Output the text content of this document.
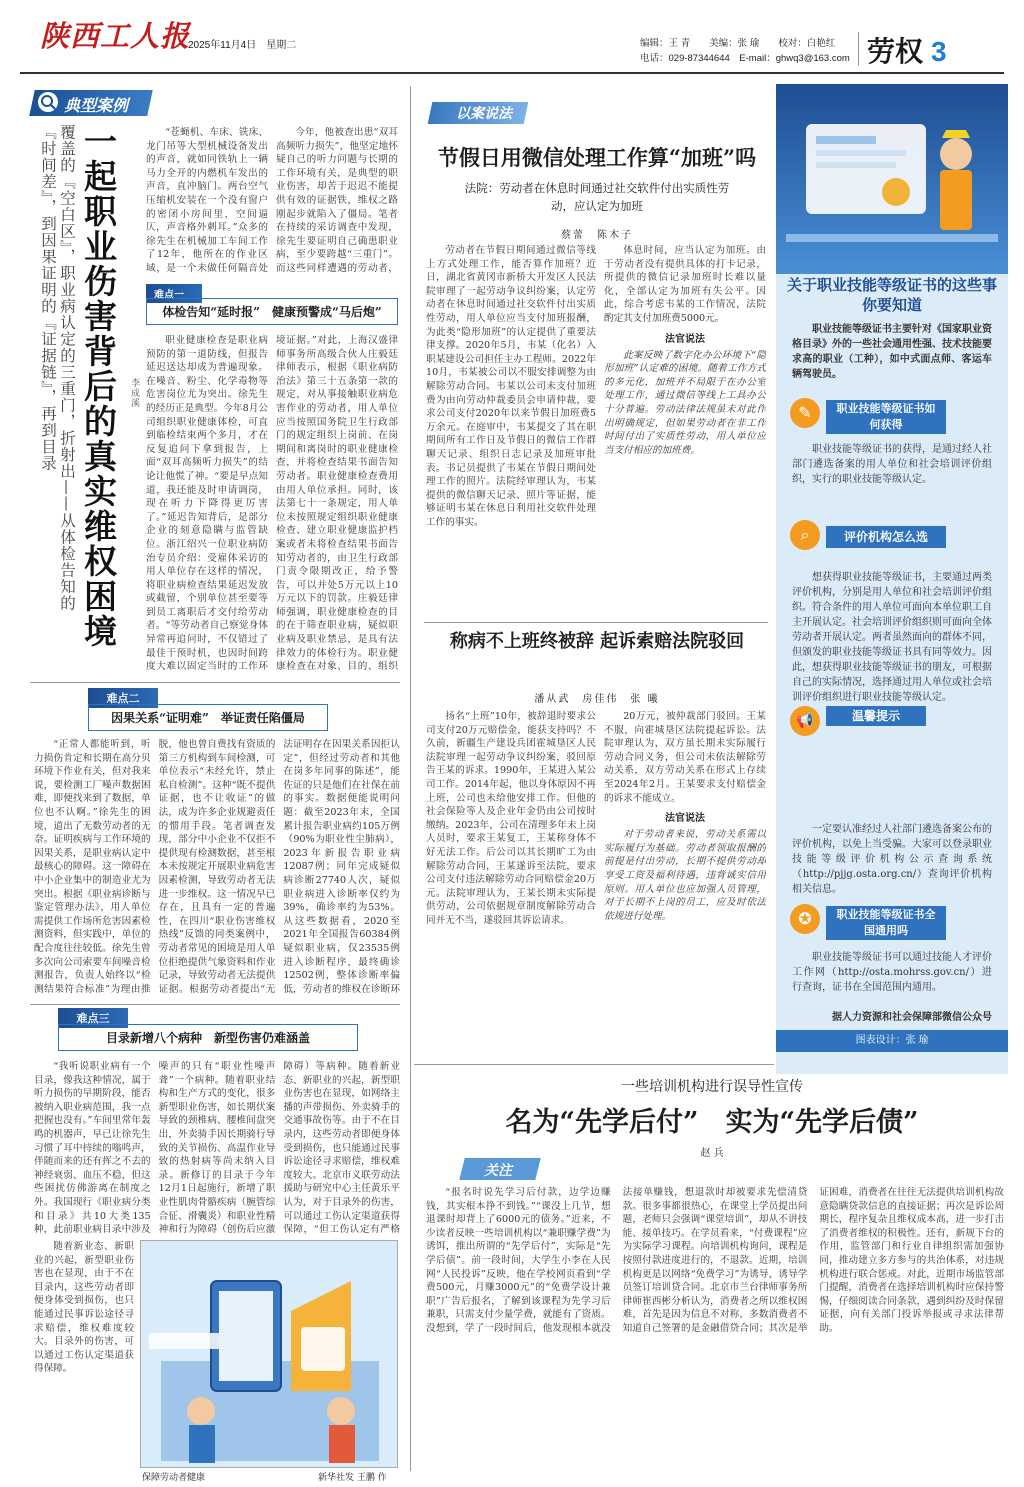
陕西工人报
2025年11月4日　星期二	编辑：王 青　　美编：张 瑜　　校对：白艳红
电话：029-87344644　E-mail：ghwq3@163.com 劳权 3
典型案例
一起职业伤害背后的真实维权困境
覆盖的『空白区』，职业病认定的三重门，折射出——从体检告知的『时间差』，到因果证明的『证据链』，再到目录	李成溪

“苍蝇机、车床、铣床、龙门吊等大型机械设备发出的声音，就如同铁轨上一辆马力全开的内燃机车发出的声音，直冲脑门。两台空气压缩机安装在一个没有窗户的密闭小房间里，空间逼仄，声音格外刺耳。”众多的徐先生在机械加工车间工作了12年，他所在的作业区域，是一个未做任何隔音处

今年，他被查出患“双耳高频听力损失”，他坚定地怀疑自己的听力问题与长期的工作环境有关，是典型的职业伤害，却苦于迟迟不能提供有效的证据铁，维权之路刚起步就陷入了僵局。笔者在持续的采访调查中发现，徐先生要证明自己确患职业病，至少要跨越“三重门”。而这些同样遭遇的劳动者，

难点一
体检告知“延时报”　健康预警成“马后炮”

职业健康检查是职业病预防的第一道防线，但报告延迟送达却成为普遍现象。在噪音、粉尘、化学毒物等危害岗位尤为突出。徐先生的经历正是典型。今年8月公司组织职业健康体检，可直到临检结束两个多月，才在反复追问下拿到报告，上面“双耳高频听力损失”的结论让他慌了神。“要是早点知道，我还能及时申请调岗，现在听力下降得更厉害了。”延迟告知背后，是部分企业的刻意隐瞒与监管缺位。浙江绍兴一位职业病防治专员介绍：受雇体采访的用人单位存在这样的情况，将职业病检查结果延迟发放或截留，个别单位甚至要等到员工离职后才交付给劳动者。“等劳动者自己察觉身体异常再追问时，不仅错过了最佳干预时机，也因时间跨度大难以固定当时的工作环境证据。”对此，上海汉盛律师事务所高级合伙人庄毅廷律师表示，根据《职业病防治法》第三十五条第一款的规定，对从事接触职业病危害作业的劳动者，用人单位应当按照国务院卫生行政部门的规定组织上岗前、在岗期间和离岗时的职业健康检查，并将检查结果书面告知劳动者。职业健康检查费用由用人单位承担。同时，该法第七十一条规定，用人单位未按照规定组织职业健康检查、建立职业健康监护档案或者未将检查结果书面告知劳动者的，由卫生行政部门责令限期改正，给予警告，可以并处5万元以上10万元以下的罚款。庄毅廷律师强调，职业健康检查的目的在于筛查职业病，疑似职业病及职业禁忌，是具有法律效力的体检行为。职业健康检查在对象、目的、组织

难点二
因果关系“证明难”　举证责任陷僵局

“正常人都能听到，听力损伤肯定和长期在高分贝环境下作业有关，但对我来说，要检测工厂噪声数据困难，即便找来到了数据，单位也不认啊。”徐先生的困境，道出了无数劳动者的无奈。证明疾病与工作环境的因果关系，是职业病认定中最核心的障碍。这一障碍在中小企业集中的制造业尤为突出。根据《职业病诊断与鉴定管理办法》，用人单位需提供工作场所危害因素检测资料，但实践中，单位的配合度往往较低。徐先生曾多次向公司索要车间噪音检测报告，负责人始终以“检测结果符合标准”为理由推脱，他也曾自费找有资质的第三方机构到车间检测，可单位表示“未经允许，禁止私自检测”。这种“既不提供证据，也不让收证”的做法，成为许多企业规避责任的惯用手段。笔者调查发现，部分中小企业不仅拒不提供现有检测数据，甚至根本未按规定开展职业病危害因素检测，导致劳动者无法进一步维权。这一情况早已存在，且具有一定的普遍性，在四川“职业伤害维权热线”反馈的同类案例中，劳动者常见的困境是用人单位拒绝提供气象资料和作业记录，导致劳动者无法提供证据。根据劳动者提出“无法证明存在因果关系因拒认定”，但经过劳动者和其他在岗多年同事的陈述”，能佐证的只是他们在社保在前的事实。数据便能说明问题：截至2023年末，全国累计报告职业病约105万例（90%为职业性尘肺病），2023年新报告职业病12087例；同年完成疑似病诊断27740人次，疑似职业病进入诊断率仅约为39%，确诊率约为53%。从这些数据看，2020至2021年全国报告60384例疑似职业病，仅23535例进入诊断程序，最终确诊12502例，整体诊断率偏低，劳动者的维权在诊断环

难点三
目录新增八个病种　新型伤害仍难涵盖

“我听说职业病有一个目录，像我这种情况，属于听力损伤的早期阶段，能否被纳入职业病范围，我一点把握也没有。”车间里常年轰鸣的机器声，早已让徐先生习惯了耳中持续的嗡鸣声，伴随而来的还有挥之不去的神经衰弱、血压不稳，但这些困扰仿佛游离在制度之外。我国现行《职业病分类和目录》共10大类135种，此前职业病目录中涉及噪声的只有“职业性噪声聋”一个病种。随着职业结构和生产方式的变化，很多新型职业伤害，如长期伏案导致的颈椎病、腰椎间盘突出，外卖骑手因长期骑行导致的关节损伤、高温作业导致的热射病等尚未纳入目录。新修订的目录于今年12月1日起施行，新增了职业性肌肉骨骼疾病（腕管综合征、滑囊炎）和职业性精神和行为障碍（创伤后应激障碍）等病种。随着新业态、新职业的兴起，新型职业伤害也在显现，如网络主播的声带损伤、外卖骑手的交通事故伤等。由于不在目录内，这些劳动者即便身体受到损伤，也只能通过民事诉讼途径寻求赔偿，维权难度较大。北京市义联劳动法援助与研究中心主任黄乐平认为，对于目录外的伤害，可以通过工伤认定渠道获得保障，“但工伤认定有严格

随着新业态、新职业的兴起，新型职业伤害也在显现，由于不在目录内，这些劳动者即便身体受到损伤，也只能通过民事诉讼途径寻求赔偿，维权难度较大。目录外的伤害，可以通过工伤认定渠道获得保障。

保障劳动者健康	新华社发 王鹏 作
以案说法
节假日用微信处理工作算“加班”吗
法院：劳动者在休息时间通过社交软件付出实质性劳动，应认定为加班
蔡蕾　陈木子

劳动者在节假日期间通过微信等线上方式处理工作，能否算作加班？近日，湖北省黄冈市新桥大开发区人民法院审理了一起劳动争议纠纷案，认定劳动者在休息时间通过社交软件付出实质性劳动，用人单位应当支付加班报酬，为此类“隐形加班”的认定提供了重要法律支撑。2020年5月，韦某（化名）入职某建设公司担任主办工程师。2022年10月，韦某被公司以不服安排调整为由解除劳动合同。韦某以公司未支付加班费为由向劳动仲裁委员会申请仲裁，要求公司支付2020年以来节假日加班费5万余元。在庭审中，韦某提交了其在职期间所有工作日及节假日的微信工作群聊天记录、组织日志记录及加班审批表。书记员提供了韦某在节假日期间处理工作的照片。法院经审理认为，韦某提供的微信聊天记录、照片等证据，能够证明韦某在休息日利用社交软件处理工作的事实。

体息时间，应当认定为加班。由于劳动者没有提供具体的打卡记录，所提供的微信记录加班时长难以量化，全部认定为加班有失公平。因此，综合考虑韦某的工作情况，法院酌定其支付加班费5000元。

法官说法

此案反映了数字化办公环境下“隐形加班”认定难的困境。随着工作方式的多元化，加班并不局限于在办公室处理工作，通过微信等线上工具办公十分普遍。劳动法律法规虽未对此作出明确规定，但如果劳动者在非工作时间付出了实质性劳动，用人单位应当支付相应的加班费。

称病不上班终被辞 起诉索赔法院驳回
潘从武　房佳伟　张 曦

扬名“上班”10年，被辞退时要求公司支付20万元赔偿金，能获支持吗？不久前，新疆生产建设兵团霍城垦区人民法院审理一起劳动争议纠纷案，驳回原告王某的诉求。1990年，王某进入某公司工作。2014年起，他以身体原因不再上班，公司也未给他安排工作。但他的社会保险等人及企业年金仍由公司按时缴纳。2023年，公司在清理多年未上岗人员时，要求王某复工，王某称身体不好无法工作。后公司以其长期旷工为由解除劳动合同，王某遂诉至法院，要求公司支付违法解除劳动合同赔偿金20万元。法院审理认为，王某长期未实际提供劳动，公司依据规章制度解除劳动合同并无不当，遂驳回其诉讼请求。

20万元，被仲裁部门驳回。王某不服，向霍城垦区法院提起诉讼。法院审理认为，双方虽长期未实际履行劳动合同义务，但公司未依法解除劳动关系，双方劳动关系在形式上存续至2024年2月。王某要求支付赔偿金的诉求不能成立。

法官说法

对于劳动者来说，劳动关系需以实际履行为基础。劳动者领取报酬的前提是付出劳动，长期不提供劳动却享受工资及福利待遇，违背诚实信用原则。用人单位也应加强人员管理，对于长期不上岗的员工，应及时依法依规进行处理。

关于职业技能等级证书的这些事你要知道
职业技能等级证书主要针对《国家职业资格目录》外的一些社会通用性强、技术技能要求高的职业（工种），如中式面点师、客运车辆驾驶员。
✎	职业技能等级证书如何获得
职业技能等级证书的获得，是通过经人社部门遴选备案的用人单位和社会培训评价组织，实行的职业技能等级认定。
⌕	评价机构怎么选
想获得职业技能等级证书，主要通过两类评价机构，分别是用人单位和社会培训评价组织。符合条件的用人单位可面向本单位职工自主开展认定。社会培训评价组织则可面向全体劳动者开展认定。两者虽然面向的群体不同，但颁发的职业技能等级证书具有同等效力。因此，想获得职业技能等级证书的朋友，可根据自己的实际情况，选择通过用人单位或社会培训评价组织进行职业技能等级认定。
📢	温馨提示
一定要认准经过人社部门遴选备案公布的评价机构，以免上当受骗。大家可以登录职业技能等级评价机构公示查询系统（http://pjjg.osta.org.cn/）查询评价机构相关信息。
✪	职业技能等级证书全国通用吗
职业技能等级证书可以通过技能人才评价工作网（http://osta.mohrss.gov.cn/）进行查询，证书在全国范围内通用。
据人力资源和社会保障部微信公众号
图表设计：张 瑜
一些培训机构进行误导性宣传
名为“先学后付”　实为“先学后债”
赵 兵
关注

“报名时说先学习后付款，边学边赚钱，其实根本挣不到钱。”“课没上几节，想退课时却背上了6000元的债务。”近来，不少读者反映一些培训机构以“兼职赚学费”为诱饵，推出所谓的“先学后付”，实际是“先学后债”。前一段时间，大学生小李在人民网“人民投诉”反映，他在学校网页看到“学费500元，月赚3000元”的“免费学设计兼职”广告后报名，了解到该课程为先学习后兼职，只需支付少量学费，就能有了资质。没想到，学了一段时间后，他发现根本就没法接单赚钱，想退款时却被要求先偿清贷款。很多事都很热心，在课堂上学员提出问题，老师只会强调“课堂培训”，却从不讲技能、接单技巧。在学员看来，“付费课程”应为实际学习课程。向培训机构询问，课程是按照付款进度进行的，不退款。近期，培训机构更是以网络“免费学习”为诱导，诱导学员签订培训贷合同。北京市兰台律师事务所律师崔西彬分析认为，消费者之所以维权困难，首先是因为信息不对称，多数消费者不知道自己签署的是金融借贷合同；其次是举证困难，消费者在往往无法提供培训机构故意隐瞒贷款信息的直接证据；再次是诉讼周期长，程序复杂且维权成本高，进一步打击了消费者维权的积极性。还有，新规下台的作用，监管部门和行业自律组织需加强协同，推动建立多方参与的共治体系，对违规机构进行联合惩戒。对此，近期市场监管部门提醒，消费者在选择培训机构时应保持警惕，仔细阅读合同条款，遇到纠纷及时保留证据，向有关部门投诉举报或寻求法律帮助。
